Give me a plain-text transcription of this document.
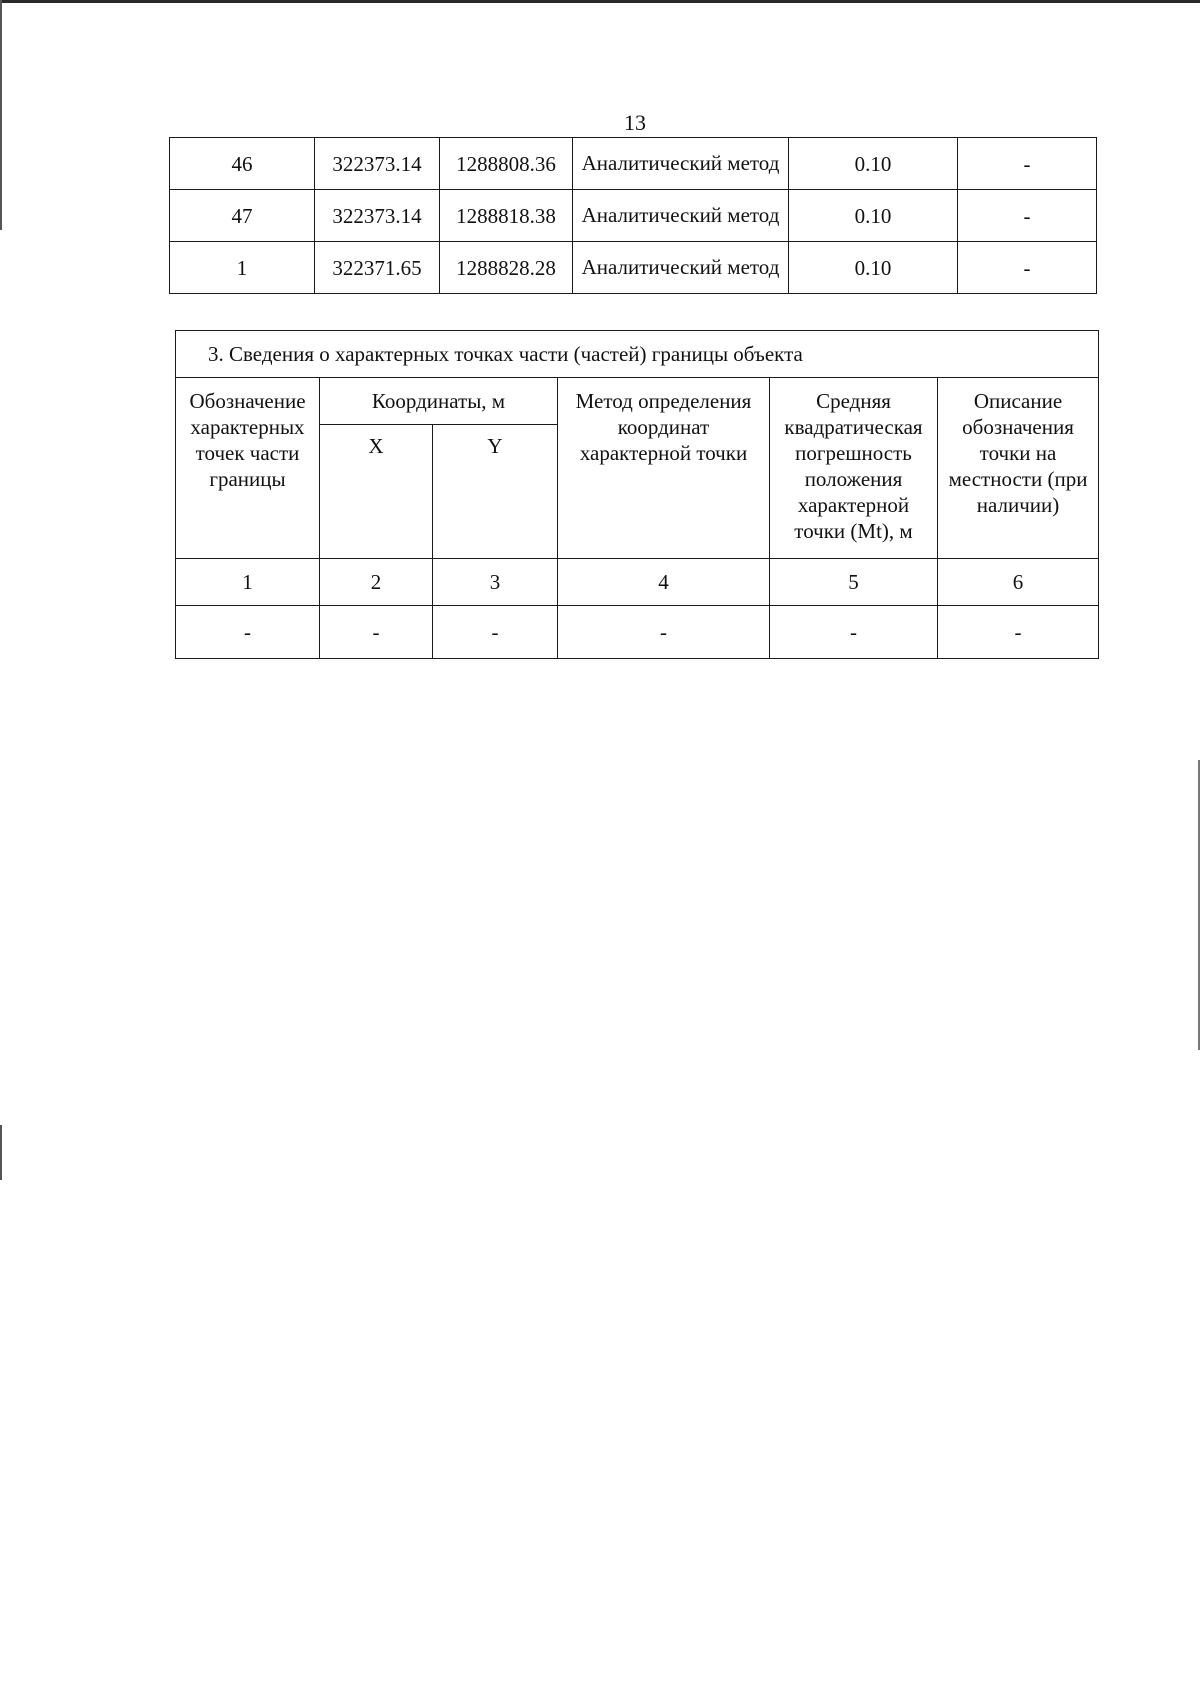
13
46	322373.14	1288808.36	Аналитический метод	0.10	-
47	322373.14	1288818.38	Аналитический метод	0.10	-
1	322371.65	1288828.28	Аналитический метод	0.10	-
3. Сведения о характерных точках части (частей) границы объекта					
Обозначение характерных точек части границы	Координаты, м		Метод определения координат характерной точки	Средняя квадратическая погрешность положения характерной точки (Mt), м	Описание обозначения точки на местности (при наличии)
	X	Y			
1	2	3	4	5	6
-	-	-	-	-	-
